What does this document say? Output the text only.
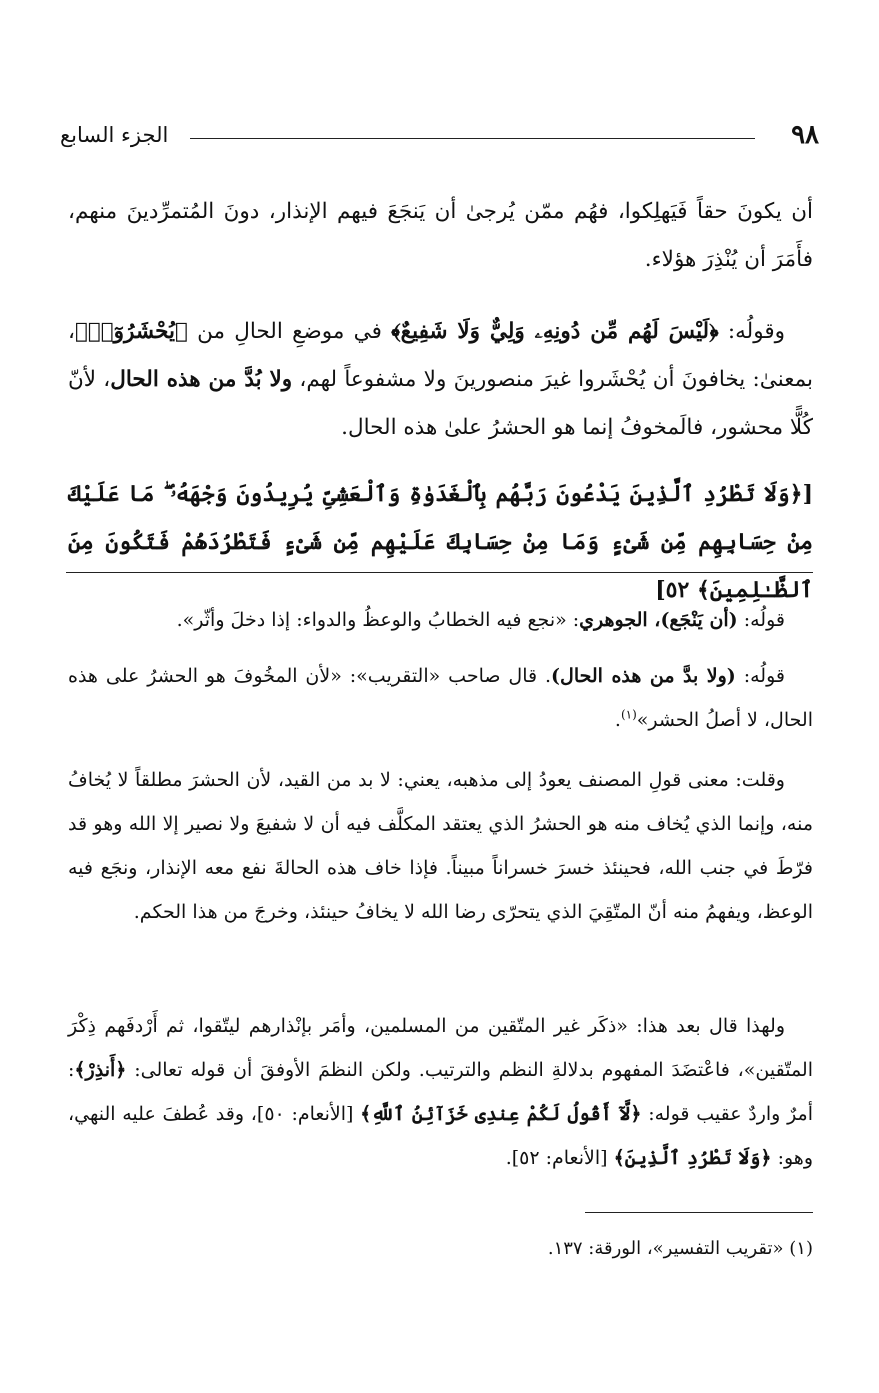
٩٨
الجزء السابع
أن يكونَ حقاً فَيَهلِكوا، فهُم ممّن يُرجىٰ أن يَنجَعَ فيهم الإنذار، دونَ المُتمرِّدينَ منهم، فأَمَرَ أن يُنْذِرَ هؤلاء.
وقولُه: ﴿لَيْسَ لَهُم مِّن دُونِهِۦ وَلِيٌّ وَلَا شَفِيعٌ﴾ في موضعِ الحالِ من ﴿يُحْشَرُوٓا۟﴾، بمعنىٰ: يخافونَ أن يُحْشَروا غيرَ منصورينَ ولا مشفوعاً لهم، ولا بُدَّ من هذه الحال، لأنّ كُلًّا محشور، فالَمخوفُ إنما هو الحشرُ علىٰ هذه الحال.
[﴿وَلَا تَطْرُدِ ٱلَّذِينَ يَدْعُونَ رَبَّهُم بِٱلْغَدَوٰةِ وَٱلْعَشِىِّ يُرِيدُونَ وَجْهَهُۥ ۖ مَا عَلَيْكَ مِنْ حِسَابِهِم مِّن شَىْءٍ وَمَا مِنْ حِسَابِكَ عَلَيْهِم مِّن شَىْءٍ فَتَطْرُدَهُمْ فَتَكُونَ مِنَ ٱلظَّـٰلِمِينَ﴾ ٥٢]
قولُه: (أن يَنْجَع)، الجوهري: «نجع فيه الخطابُ والوعظُ والدواء: إذا دخلَ وأثّر».
قولُه: (ولا بدَّ من هذه الحال). قال صاحب «التقريب»: «لأن المخُوفَ هو الحشرُ على هذه الحال، لا أصلُ الحشر»$^{(١)}$.
وقلت: معنى قولِ المصنف يعودُ إلى مذهبه، يعني: لا بد من القيد، لأن الحشرَ مطلقاً لا يُخافُ منه، وإنما الذي يُخاف منه هو الحشرُ الذي يعتقد المكلَّف فيه أن لا شفيعَ ولا نصير إلا الله وهو قد فرّطَ في جنب الله، فحينئذ خسرَ خسراناً مبيناً. فإذا خاف هذه الحالةَ نفع معه الإنذار، ونجَع فيه الوعظ، ويفهمُ منه أنّ المتّقِيَ الذي يتحرّى رضا الله لا يخافُ حينئذ، وخرجَ من هذا الحكم.
ولهذا قال بعد هذا: «ذكَر غير المتّقين من المسلمين، وأمَر بإنْذارهم ليتّقوا، ثم أَرْدفَهم ذِكْرَ المتّقين»، فاعْتضَدَ المفهوم بدلالةِ النظم والترتيب. ولكن النظمَ الأوفقَ أن قوله تعالى: ﴿أَنذِرْ﴾: أمرٌ واردٌ عقيب قوله: ﴿لَّآ أَقُولُ لَكُمْ عِندِى خَزَآئِنُ ٱللَّهِ﴾ [الأنعام: ٥٠]، وقد عُطفَ عليه النهي، وهو: ﴿وَلَا تَطْرُدِ ٱلَّذِينَ﴾ [الأنعام: ٥٢].
(١) «تقريب التفسير»، الورقة: ١٣٧.
